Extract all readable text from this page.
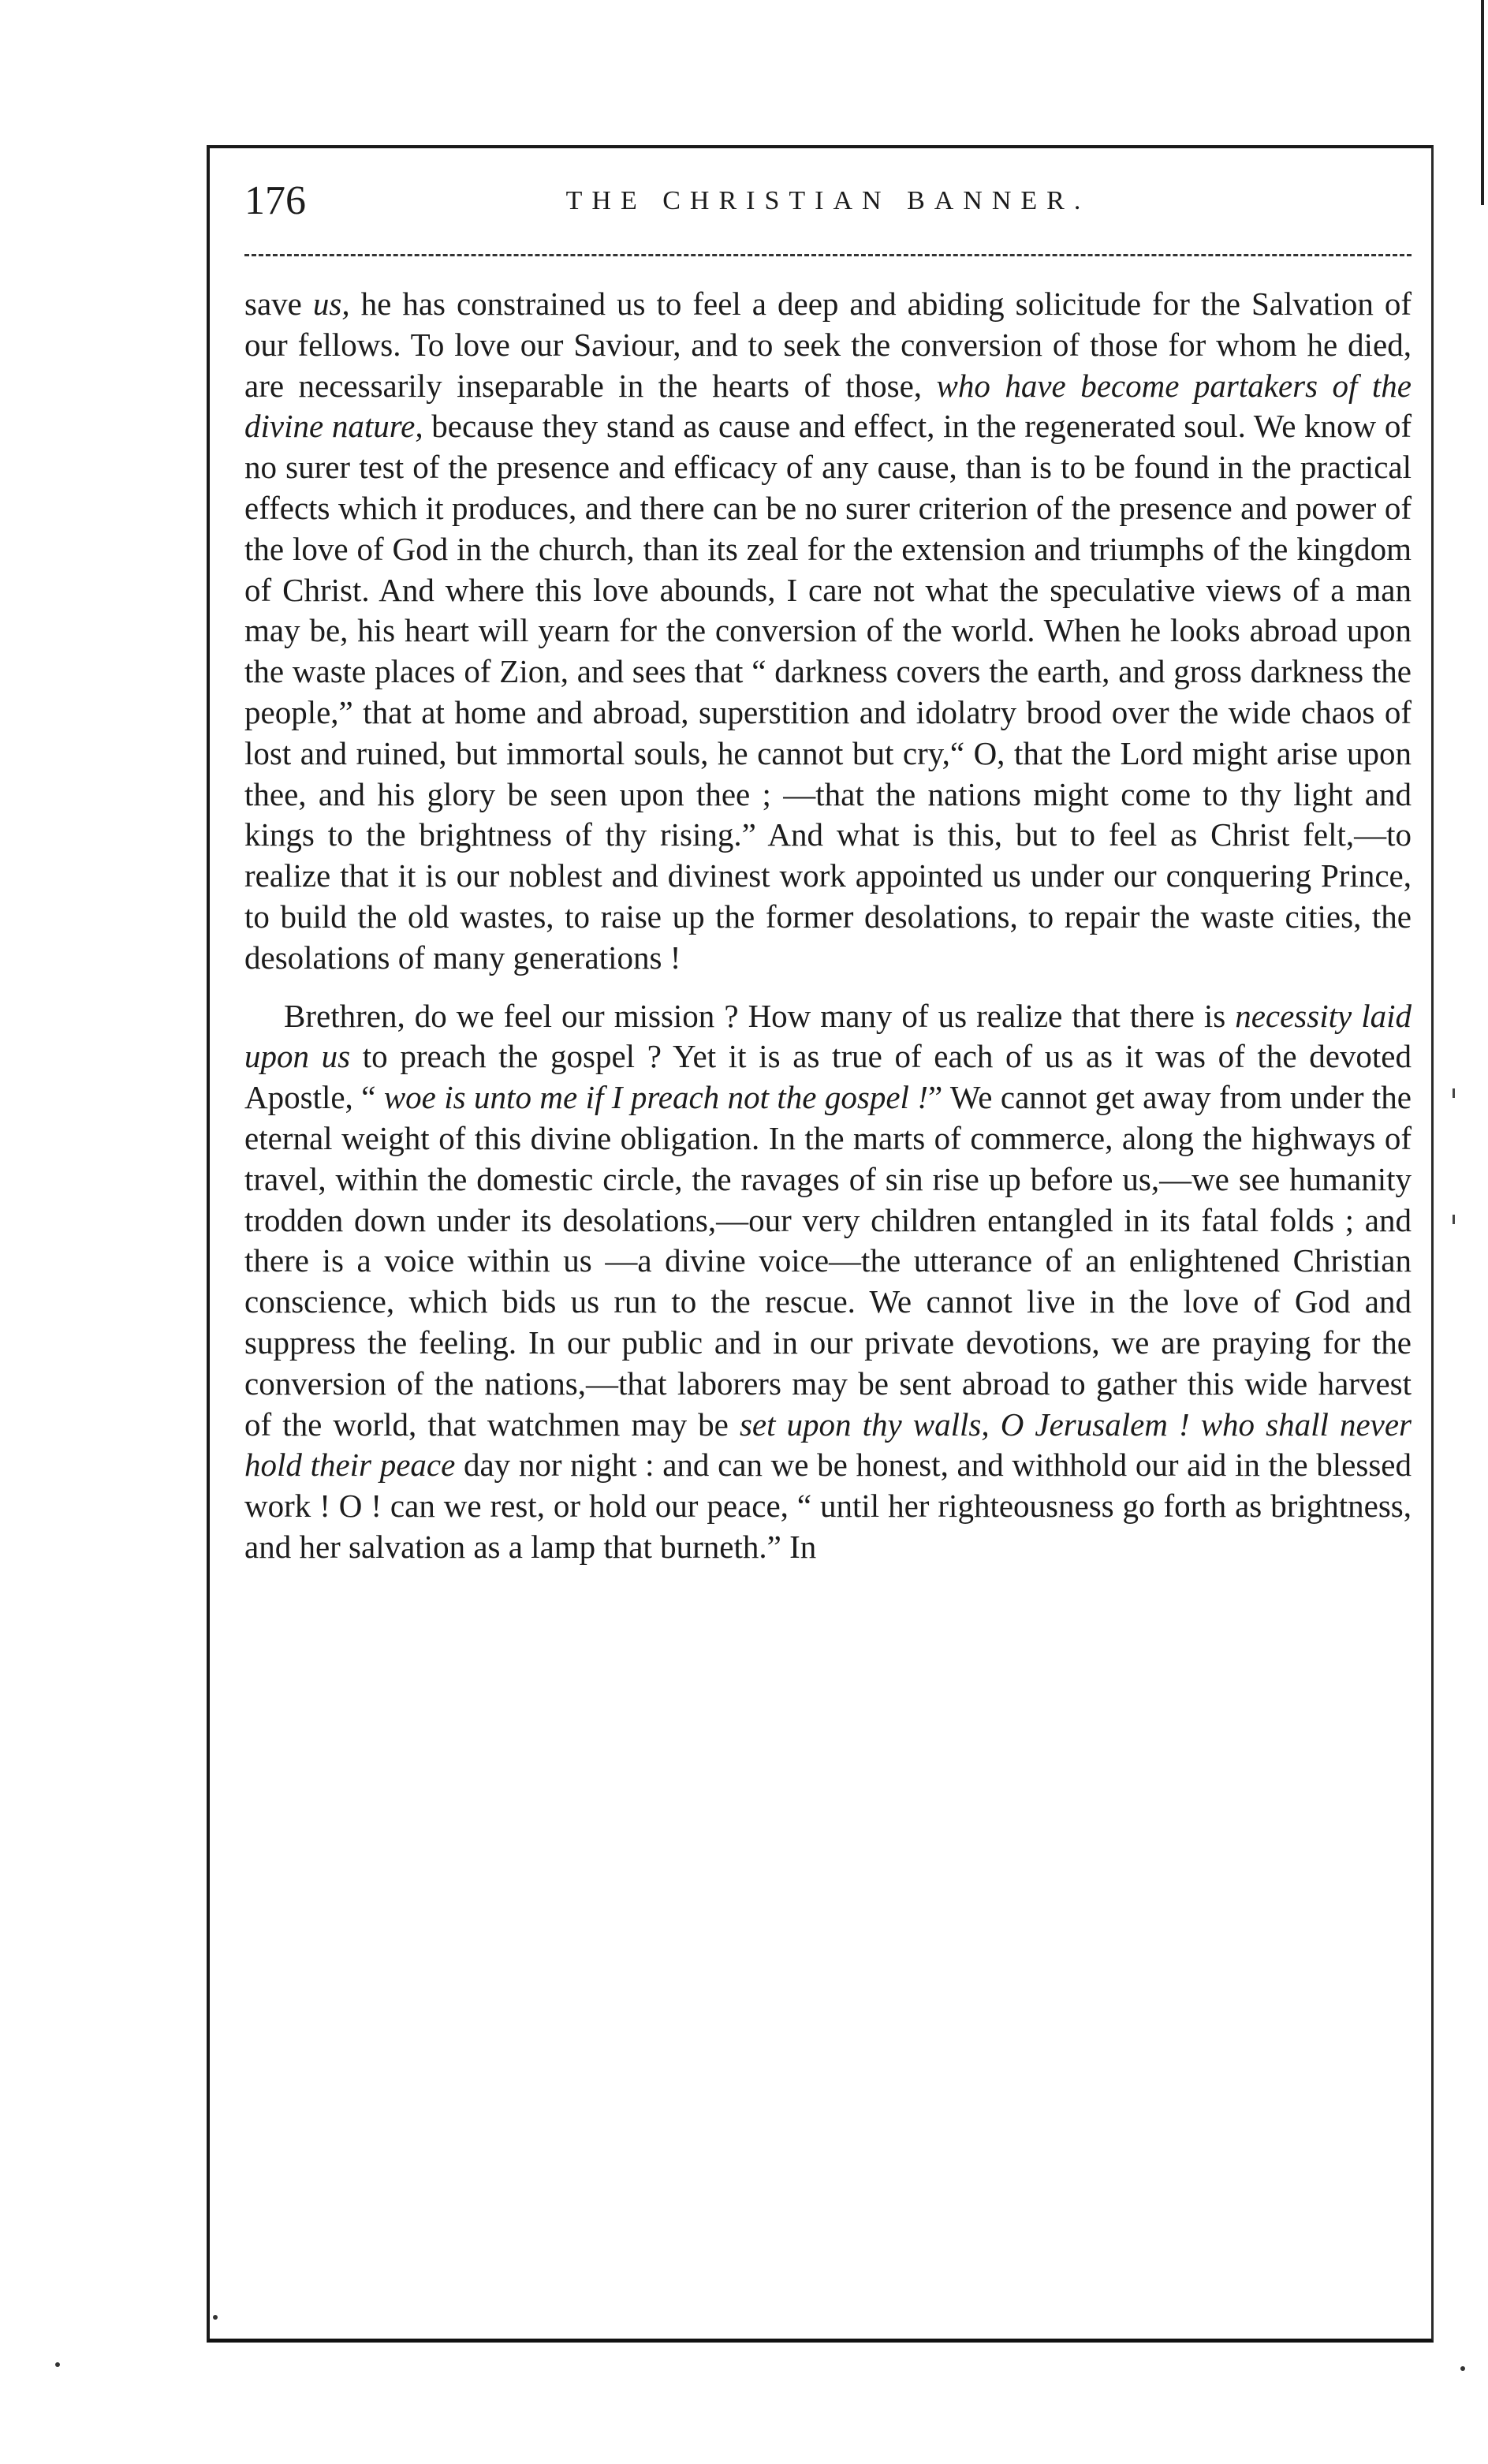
176	THE CHRISTIAN BANNER.

save us, he has constrained us to feel a deep and abiding solicitude for the Salvation of our fellows. To love our Saviour, and to seek the conversion of those for whom he died, are necessarily inseparable in the hearts of those, who have become partakers of the divine nature, because they stand as cause and effect, in the regenerated soul. We know of no surer test of the presence and efficacy of any cause, than is to be found in the practical effects which it produces, and there can be no surer criterion of the presence and power of the love of God in the church, than its zeal for the extension and triumphs of the kingdom of Christ. And where this love abounds, I care not what the speculative views of a man may be, his heart will yearn for the conversion of the world. When he looks abroad upon the waste places of Zion, and sees that “ darkness covers the earth, and gross darkness the people,” that at home and abroad, superstition and idolatry brood over the wide chaos of lost and ruined, but immortal souls, he cannot but cry,“ O, that the Lord might arise upon thee, and his glory be seen upon thee ; —that the nations might come to thy light and kings to the brightness of thy rising.” And what is this, but to feel as Christ felt,—to realize that it is our noblest and divinest work appointed us under our conquering Prince, to build the old wastes, to raise up the former desolations, to repair the waste cities, the desolations of many generations !

Brethren, do we feel our mission ? How many of us realize that there is necessity laid upon us to preach the gospel ? Yet it is as true of each of us as it was of the devoted Apostle, “ woe is unto me if I preach not the gospel !” We cannot get away from under the eternal weight of this divine obligation. In the marts of commerce, along the highways of travel, within the domestic circle, the ravages of sin rise up before us,—we see humanity trodden down under its desolations,—our very children entangled in its fatal folds ; and there is a voice within us —a divine voice—the utterance of an enlightened Christian conscience, which bids us run to the rescue. We cannot live in the love of God and suppress the feeling. In our public and in our private devotions, we are praying for the conversion of the nations,—that laborers may be sent abroad to gather this wide harvest of the world, that watchmen may be set upon thy walls, O Jerusalem ! who shall never hold their peace day nor night : and can we be honest, and withhold our aid in the blessed work ! O ! can we rest, or hold our peace, “ until her righteousness go forth as brightness, and her salvation as a lamp that burneth.” In
